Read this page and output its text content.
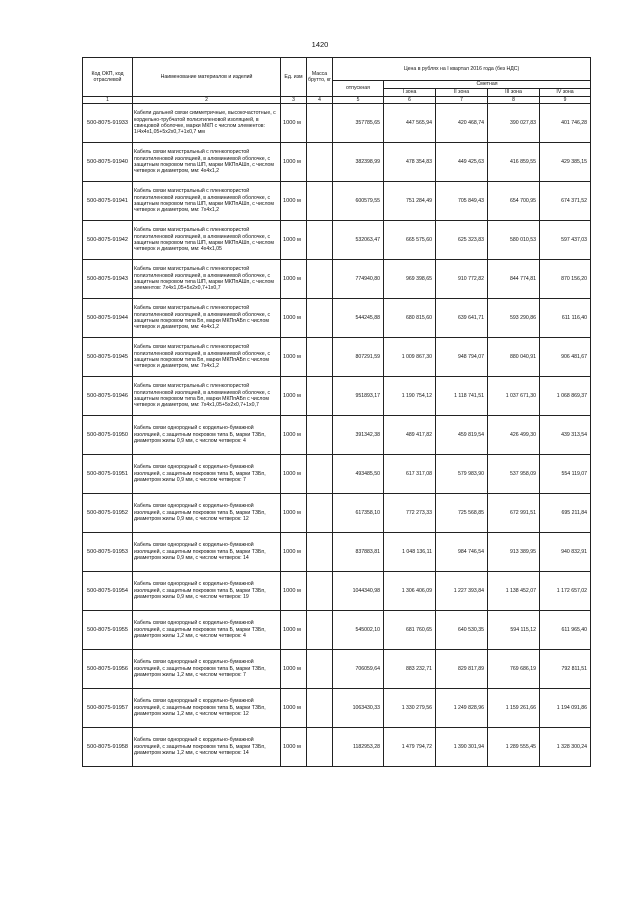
1420
Код ОКП, код отраслевой	Наименование материалов и изделий	Ед. изм	Масса брутто, кг	Цена в рублях на I квартал 2016 года (без НДС)				
				отпускная	Сметная			
					I зона	II зона	III зона	IV зона
1	2	3	4	5	6	7	8	9
500-8075-91933	Кабели дальней связи симметричные, высокочастотные, с кордельно-трубчатой полиэтиленовой изоляцией, в свинцовой оболочке, марки МКП с числом элементов: 1/4х4х1,05+5х2х0,7+1х0,7 мм	1000 м		357785,65	447 565,94	420 468,74	390 027,83	401 746,28
500-8075-91940	Кабель связи магистральный с пленкопористой полиэтиленовой изоляцией, в алюминиевой оболочке, с защитным покровом типа ШП, марки МКПпАШп, с числом четверок и диаметром, мм: 4х4х1,2	1000 м		382398,99	478 354,83	449 425,63	416 859,55	429 385,15
500-8075-91941	Кабель связи магистральный с пленкопористой полиэтиленовой изоляцией, в алюминиевой оболочке, с защитным покровом типа ШП, марки МКПпАШп, с числом четверок и диаметром, мм: 7х4х1,2	1000 м		600579,55	751 284,49	705 849,43	654 700,95	674 371,52
500-8075-91942	Кабель связи магистральный с пленкопористой полиэтиленовой изоляцией, в алюминиевой оболочке, с защитным покровом типа ШП, марки МКПпАШп, с числом четверок и диаметром, мм: 4х4х1,05	1000 м		532063,47	665 575,60	625 323,83	580 010,53	597 437,03
500-8075-91943	Кабель связи магистральный с пленкопористой полиэтиленовой изоляцией, в алюминиевой оболочке, с защитным покровом типа ШП, марки МКПпАШп, с числом элементов: 7х4х1,05+5х2х0,7+1х0,7	1000 м		774940,80	969 398,65	910 772,82	844 774,81	870 156,20
500-8075-91944	Кабель связи магистральный с пленкопористой полиэтиленовой изоляцией, в алюминиевой оболочке, с защитным покровом типа Бп, марки МКПпАБп с числом четверок и диаметром, мм: 4х4х1,2	1000 м		544245,88	680 815,60	639 641,71	593 290,86	611 116,40
500-8075-91945	Кабель связи магистральный с пленкопористой полиэтиленовой изоляцией, в алюминиевой оболочке, с защитным покровом типа Бп, марки МКПпАБп с числом четверок и диаметром, мм: 7х4х1,2	1000 м		807291,59	1 009 867,30	948 794,07	880 040,91	906 481,67
500-8075-91946	Кабель связи магистральный с пленкопористой полиэтиленовой изоляцией, в алюминиевой оболочке, с защитным покровом типа Бп, марки МКПпАБп с числом четверок и диаметром, мм: 7х4х1,05+5х2х0,7+1х0,7	1000 м		951893,17	1 190 754,12	1 118 741,51	1 037 671,30	1 068 869,37
500-8075-91950	Кабель связи однородный с кордельно-бумажной изоляцией, с защитным покровом типа Б, марки ТЗБп, диаметром жилы 0,9 мм, с числом четверок: 4	1000 м		391342,38	489 417,82	459 819,54	426 499,30	439 313,54
500-8075-91951	Кабель связи однородный с кордельно-бумажной изоляцией, с защитным покровом типа Б, марки ТЗБп, диаметром жилы 0,9 мм, с числом четверок: 7	1000 м		493485,50	617 317,08	579 983,90	537 958,09	554 119,07
500-8075-91952	Кабель связи однородный с кордельно-бумажной изоляцией, с защитным покровом типа Б, марки ТЗБп, диаметром жилы 0,9 мм, с числом четверок: 12	1000 м		617358,10	772 273,33	725 568,85	672 991,51	695 211,84
500-8075-91953	Кабель связи однородный с кордельно-бумажной изоляцией, с защитным покровом типа Б, марки ТЗБп, диаметром жилы 0,9 мм, с числом четверок: 14	1000 м		837883,81	1 048 136,11	984 746,54	913 389,95	940 832,91
500-8075-91954	Кабель связи однородный с кордельно-бумажной изоляцией, с защитным покровом типа Б, марки ТЗБп, диаметром жилы 0,9 мм, с числом четверок: 19	1000 м		1044340,98	1 306 406,09	1 227 393,84	1 138 452,07	1 172 657,02
500-8075-91955	Кабель связи однородный с кордельно-бумажной изоляцией, с защитным покровом типа Б, марки ТЗБп, диаметром жилы 1,2 мм, с числом четверок: 4	1000 м		545002,10	681 760,65	640 530,35	594 115,12	611 965,40
500-8075-91956	Кабель связи однородный с кордельно-бумажной изоляцией, с защитным покровом типа Б, марки ТЗБп, диаметром жилы 1,2 мм, с числом четверок: 7	1000 м		706059,64	883 232,71	829 817,89	769 686,19	792 811,51
500-8075-91957	Кабель связи однородный с кордельно-бумажной изоляцией, с защитным покровом типа Б, марки ТЗБп, диаметром жилы 1,2 мм, с числом четверок: 12	1000 м		1063430,33	1 330 279,56	1 249 828,96	1 159 261,66	1 194 091,86
500-8075-91958	Кабель связи однородный с кордельно-бумажной изоляцией, с защитным покровом типа Б, марки ТЗБп, диаметром жилы 1,2 мм, с числом четверок: 14	1000 м		1182953,28	1 479 794,72	1 390 301,94	1 289 555,45	1 328 300,24
